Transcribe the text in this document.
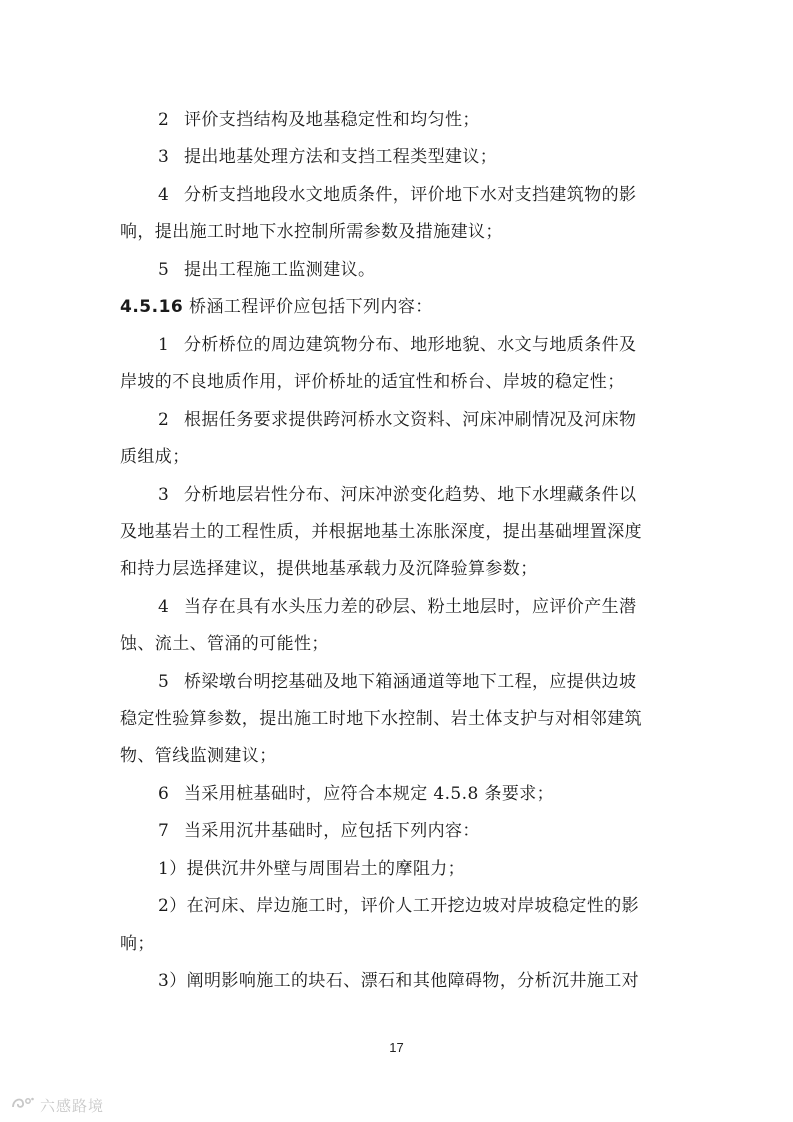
2 评价支挡结构及地基稳定性和均匀性；
3 提出地基处理方法和支挡工程类型建议；
4 分析支挡地段水文地质条件，评价地下水对支挡建筑物的影
响，提出施工时地下水控制所需参数及措施建议；
5 提出工程施工监测建议。
4.5.16 桥涵工程评价应包括下列内容：
1 分析桥位的周边建筑物分布、地形地貌、水文与地质条件及
岸坡的不良地质作用，评价桥址的适宜性和桥台、岸坡的稳定性；
2 根据任务要求提供跨河桥水文资料、河床冲刷情况及河床物
质组成；
3 分析地层岩性分布、河床冲淤变化趋势、地下水埋藏条件以
及地基岩土的工程性质，并根据地基土冻胀深度，提出基础埋置深度
和持力层选择建议，提供地基承载力及沉降验算参数；
4 当存在具有水头压力差的砂层、粉土地层时，应评价产生潜
蚀、流土、管涌的可能性；
5 桥梁墩台明挖基础及地下箱涵通道等地下工程，应提供边坡
稳定性验算参数，提出施工时地下水控制、岩土体支护与对相邻建筑
物、管线监测建议；
6 当采用桩基础时，应符合本规定 4.5.8 条要求；
7 当采用沉井基础时，应包括下列内容：
1）提供沉井外壁与周围岩土的摩阻力；
2）在河床、岸边施工时，评价人工开挖边坡对岸坡稳定性的影
响；
3）阐明影响施工的块石、漂石和其他障碍物，分析沉井施工对
17
六感路境
